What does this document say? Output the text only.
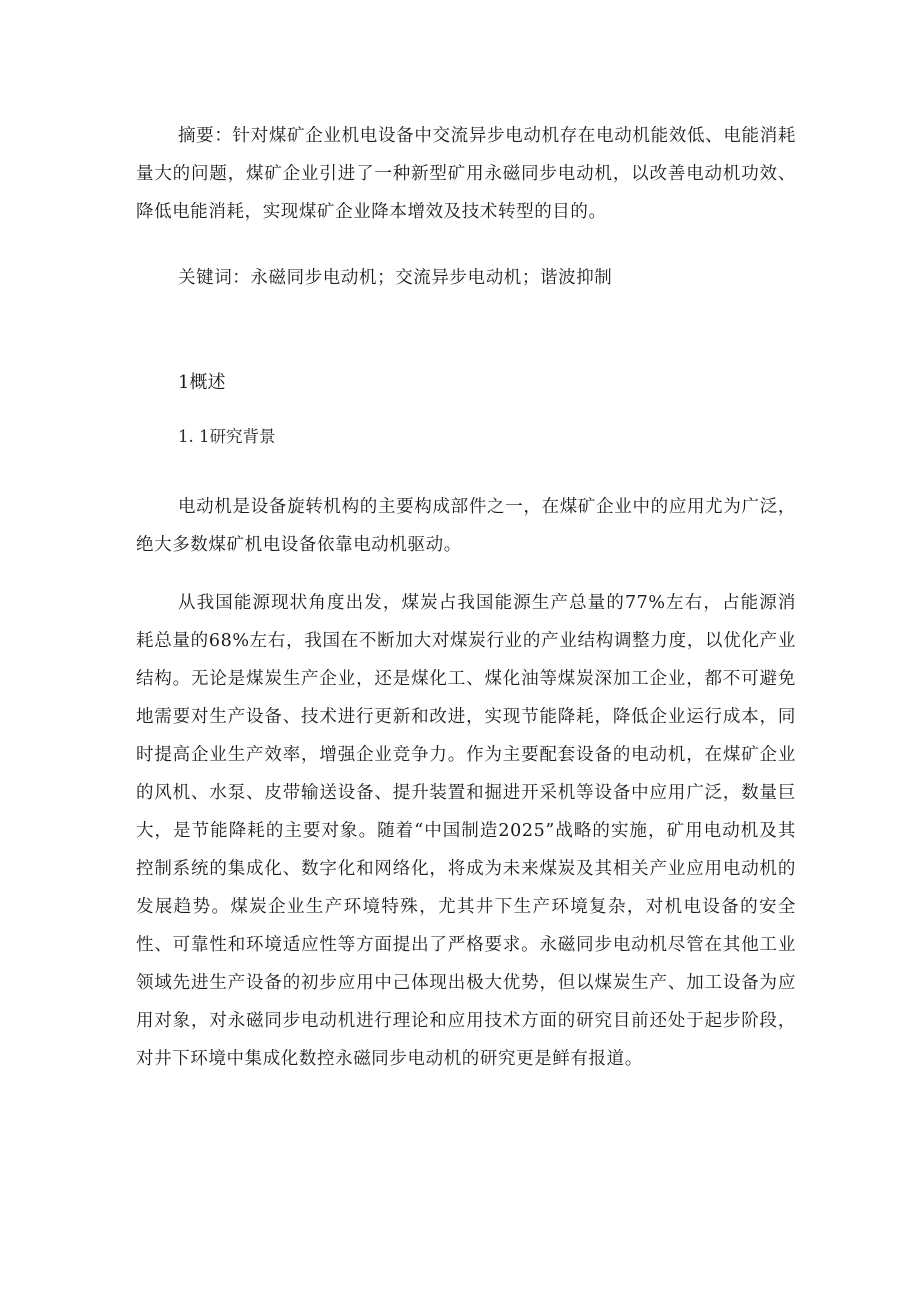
摘要：针对煤矿企业机电设备中交流异步电动机存在电动机能效低、电能消耗量大的问题，煤矿企业引进了一种新型矿用永磁同步电动机，以改善电动机功效、降低电能消耗，实现煤矿企业降本增效及技术转型的目的。

关键词：永磁同步电动机；交流异步电动机；谐波抑制

1概述
1. 1研究背景

电动机是设备旋转机构的主要构成部件之一，在煤矿企业中的应用尤为广泛，绝大多数煤矿机电设备依靠电动机驱动。

从我国能源现状角度出发，煤炭占我国能源生产总量的77%左右，占能源消耗总量的68%左右，我国在不断加大对煤炭行业的产业结构调整力度，以优化产业结构。无论是煤炭生产企业，还是煤化工、煤化油等煤炭深加工企业，都不可避免地需要对生产设备、技术进行更新和改进，实现节能降耗，降低企业运行成本，同时提高企业生产效率，增强企业竞争力。作为主要配套设备的电动机，在煤矿企业的风机、水泵、皮带输送设备、提升装置和掘进开采机等设备中应用广泛，数量巨大，是节能降耗的主要对象。随着“中国制造2025”战略的实施，矿用电动机及其控制系统的集成化、数字化和网络化，将成为未来煤炭及其相关产业应用电动机的发展趋势。煤炭企业生产环境特殊，尤其井下生产环境复杂，对机电设备的安全性、可靠性和环境适应性等方面提出了严格要求。永磁同步电动机尽管在其他工业领域先进生产设备的初步应用中己体现出极大优势，但以煤炭生产、加工设备为应用对象，对永磁同步电动机进行理论和应用技术方面的研究目前还处于起步阶段，对井下环境中集成化数控永磁同步电动机的研究更是鲜有报道。
